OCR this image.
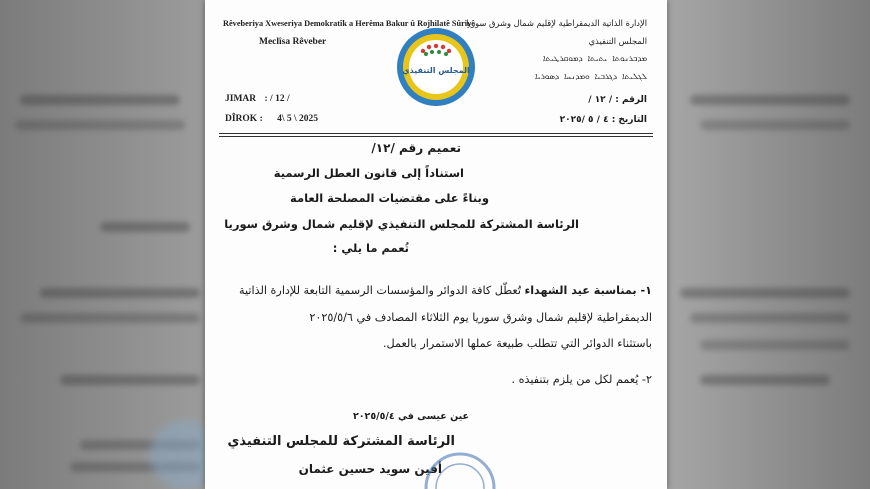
Rêveberiya Xweseriya Demokratîk a Herêma Bakur û Rojhilatê Sûriyê
Meclîsa Rêveber
JIMAR : / 12 /
DÎROK : 4\ 5 \ 2025
الإدارة الذاتية الديمقراطية لإقليم شمال وشرق سوريا
المجلس التنفيذي
ܡܕܒܪܢܘܬܐ ܝܬܝܬܐ ܕܡܘܩܪܛܝܬܐ
ܠܓܠܝܬܐ ܕܓܪܒܝܐ ܘܡܕܢܚܐ ܕܣܘܪܝܐ
الرقم : / ١٢ /
التاريخ : ٤ / ٥ /٢٠٢٥
المجلس التنفيذي
تعميم رقم /١٢/
استناداً إلى قانون العطل الرسمية
وبناءً على مقتضيات المصلحة العامة
الرئاسة المشتركة للمجلس التنفيذي لإقليم شمال وشرق سوريا
تُعمم ما يلي :
١- بمناسبة عيد الشهداء تُعطّل كافة الدوائر والمؤسسات الرسمية التابعة للإدارة الذاتية
الديمقراطية لإقليم شمال وشرق سوريا يوم الثلاثاء المصادف في ٢٠٢٥/٥/٦
باستثناء الدوائر التي تتطلب طبيعة عملها الاستمرار بالعمل.
٢- يُعمم لكل من يلزم بتنفيذه .
عين عيسى في ٢٠٢٥/٥/٤
الرئاسة المشتركة للمجلس التنفيذي
أفين سويد حسين عثمان
